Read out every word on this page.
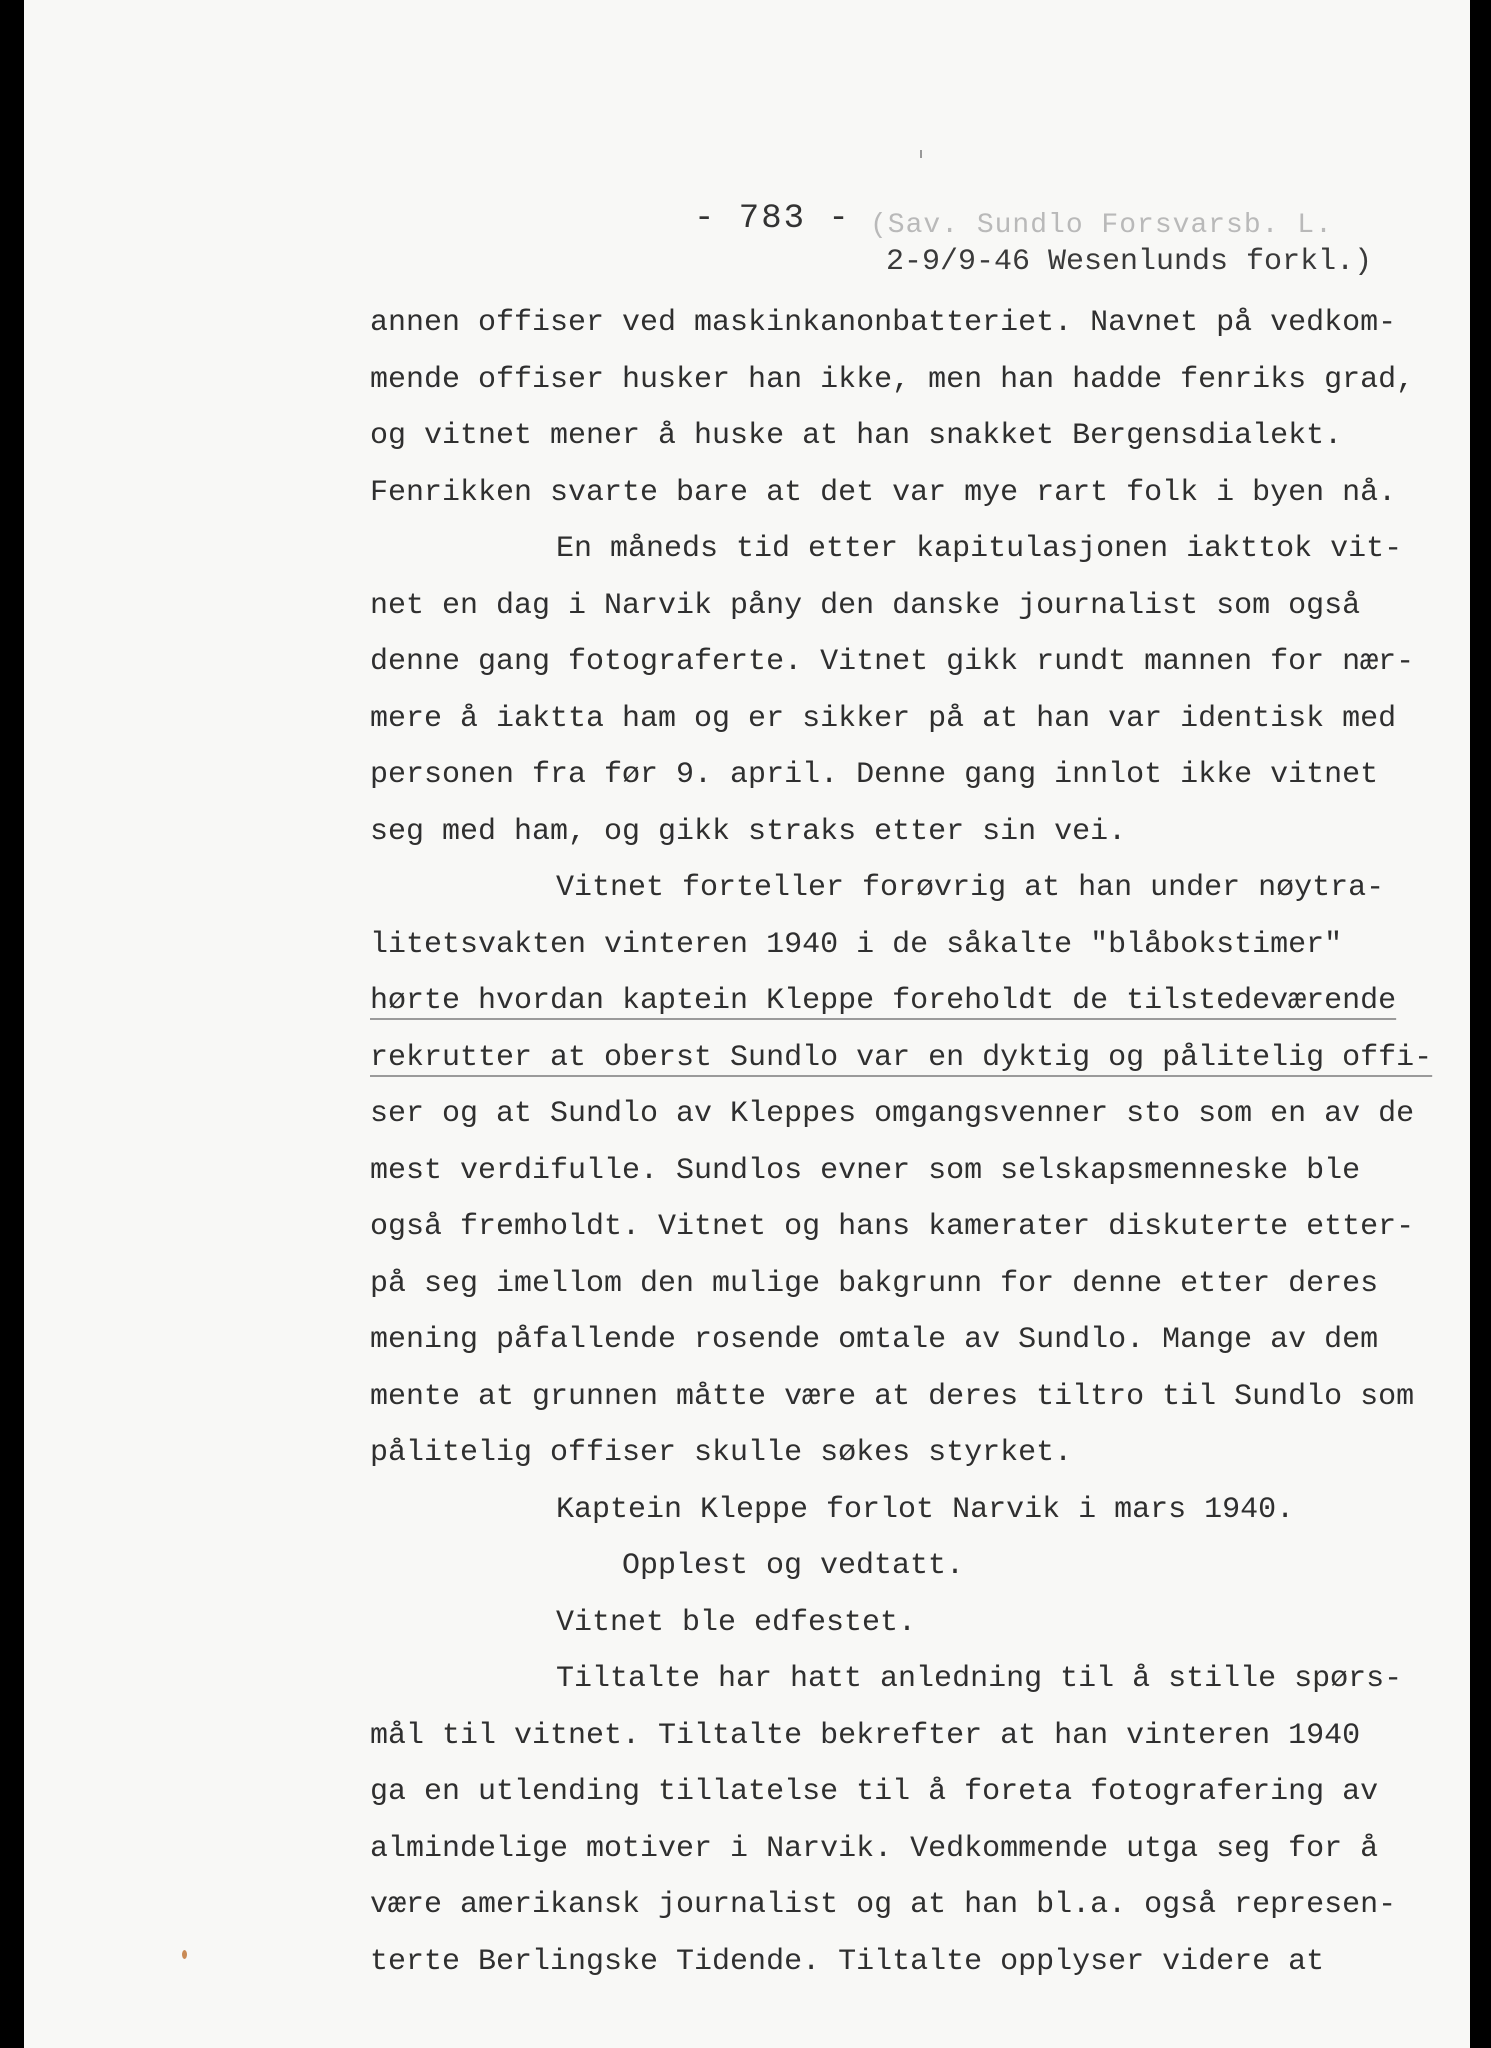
- 783 - (Sav. Sundlo Forsvarsb. L.
2-9/9-46 Wesenlunds forkl.)
annen offiser ved maskinkanonbatteriet. Navnet på vedkom-
mende offiser husker han ikke, men han hadde fenriks grad,
og vitnet mener å huske at han snakket Bergensdialekt.
Fenrikken svarte bare at det var mye rart folk i byen nå.
En måneds tid etter kapitulasjonen iakttok vit-
net en dag i Narvik påny den danske journalist som også
denne gang fotograferte. Vitnet gikk rundt mannen for nær-
mere å iaktta ham og er sikker på at han var identisk med
personen fra før 9. april. Denne gang innlot ikke vitnet
seg med ham, og gikk straks etter sin vei.
Vitnet forteller forøvrig at han under nøytra-
litetsvakten vinteren 1940 i de såkalte "blåbokstimer"
hørte hvordan kaptein Kleppe foreholdt de tilstedeværende
rekrutter at oberst Sundlo var en dyktig og pålitelig offi-
ser og at Sundlo av Kleppes omgangsvenner sto som en av de
mest verdifulle. Sundlos evner som selskapsmenneske ble
også fremholdt. Vitnet og hans kamerater diskuterte etter-
på seg imellom den mulige bakgrunn for denne etter deres
mening påfallende rosende omtale av Sundlo. Mange av dem
mente at grunnen måtte være at deres tiltro til Sundlo som
pålitelig offiser skulle søkes styrket.
Kaptein Kleppe forlot Narvik i mars 1940.
Opplest og vedtatt.
Vitnet ble edfestet.
Tiltalte har hatt anledning til å stille spørs-
mål til vitnet. Tiltalte bekrefter at han vinteren 1940
ga en utlending tillatelse til å foreta fotografering av
almindelige motiver i Narvik. Vedkommende utga seg for å
være amerikansk journalist og at han bl.a. også represen-
terte Berlingske Tidende. Tiltalte opplyser videre at
